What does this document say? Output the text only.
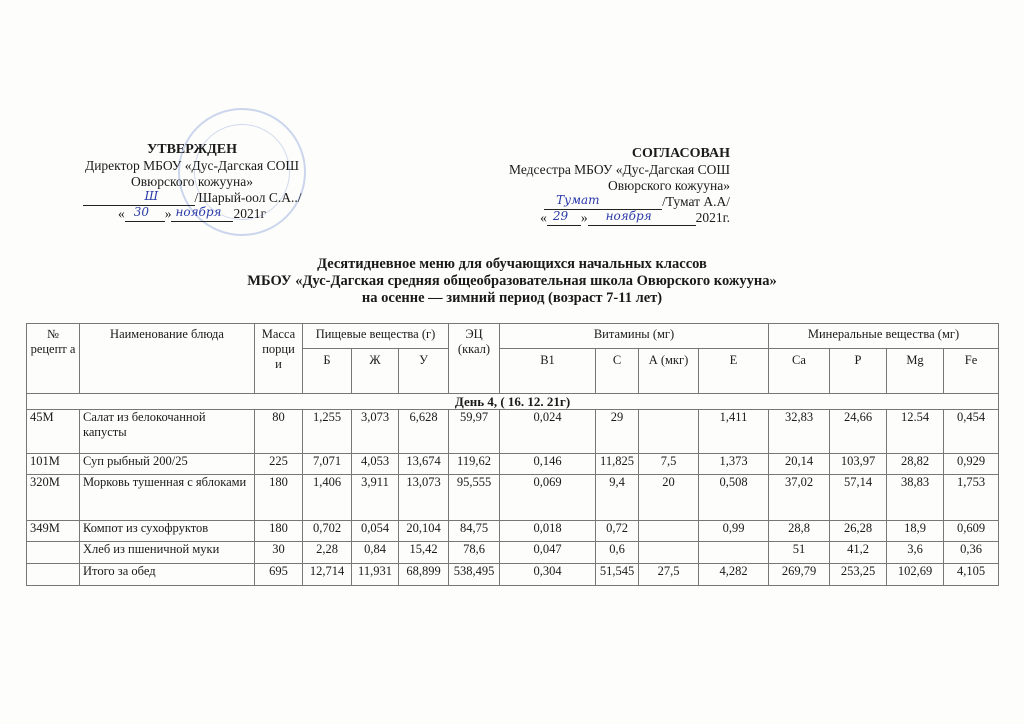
УТВЕРЖДЕН
Директор МБОУ «Дус-Дагская СОШ
Овюрского кожууна»
Ш	/Шарый-оол С.А../
« 30 » ноября 2021г
СОГЛАСОВАН
Медсестра МБОУ «Дус-Дагская СОШ
Овюрского кожууна»
Тумат	/Тумат А.А/
« 29 » ноября	2021г.
Десятидневное меню для обучающихся начальных классов
МБОУ «Дус-Дагская средняя общеобразовательная школа Овюрского кожууна»
на осенне — зимний период (возраст 7-11 лет)
№ рецепт а	Наименование блюда	Масса порци и	Пищевые вещества (г)			ЭЦ (ккал)	Витамины (мг)				Минеральные вещества (мг)			
			Б	Ж	У		B1	C	А (мкг)	E	Ca	P	Mg	Fe
День 4, ( 16. 12. 21г)														
45М	Салат из белокочанной капусты	80	1,255	3,073	6,628	59,97	0,024	29		1,411	32,83	24,66	12.54	0,454
101М	Суп рыбный 200/25	225	7,071	4,053	13,674	119,62	0,146	11,825	7,5	1,373	20,14	103,97	28,82	0,929
320М	Морковь тушенная с яблоками	180	1,406	3,911	13,073	95,555	0,069	9,4	20	0,508	37,02	57,14	38,83	1,753
349М	Компот из сухофруктов	180	0,702	0,054	20,104	84,75	0,018	0,72		0,99	28,8	26,28	18,9	0,609
	Хлеб из пшеничной муки	30	2,28	0,84	15,42	78,6	0,047	0,6			51	41,2	3,6	0,36
	Итого за обед	695	12,714	11,931	68,899	538,495	0,304	51,545	27,5	4,282	269,79	253,25	102,69	4,105
